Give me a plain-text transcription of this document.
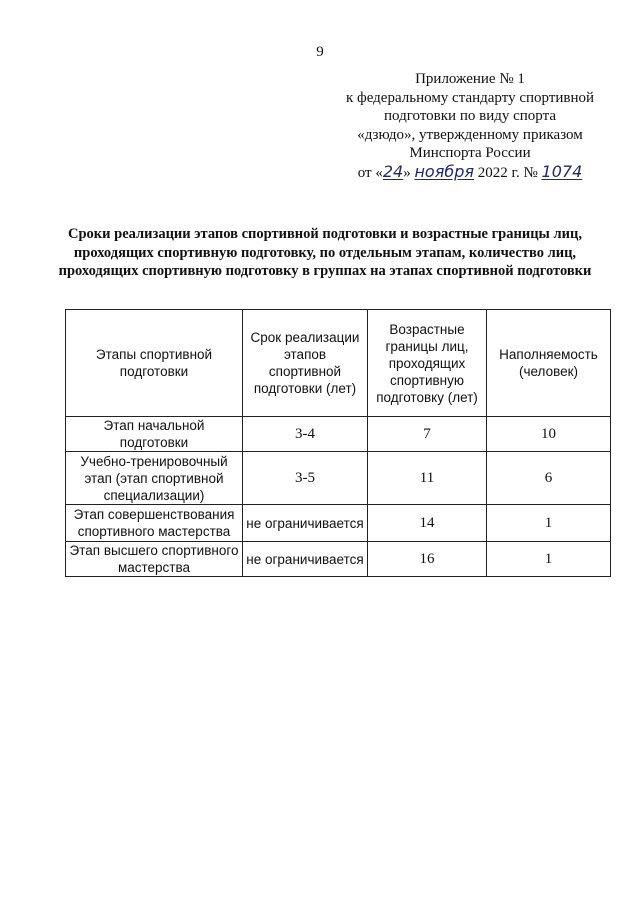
9
Приложение № 1
к федеральному стандарту спортивной
подготовки по виду спорта
«дзюдо», утвержденному приказом
Минспорта России
от «24» ноября 2022 г. № 1074
Сроки реализации этапов спортивной подготовки и возрастные границы лиц, проходящих спортивную подготовку, по отдельным этапам, количество лиц, проходящих спортивную подготовку в группах на этапах спортивной подготовки
Этапы спортивной подготовки	Срок реализации этапов спортивной подготовки (лет)	Возрастные границы лиц, проходящих спортивную подготовку (лет)	Наполняемость (человек)
Этап начальной подготовки	3-4	7	10
Учебно-тренировочный этап (этап спортивной специализации)	3-5	11	6
Этап совершенствования спортивного мастерства	не ограничивается	14	1
Этап высшего спортивного мастерства	не ограничивается	16	1
